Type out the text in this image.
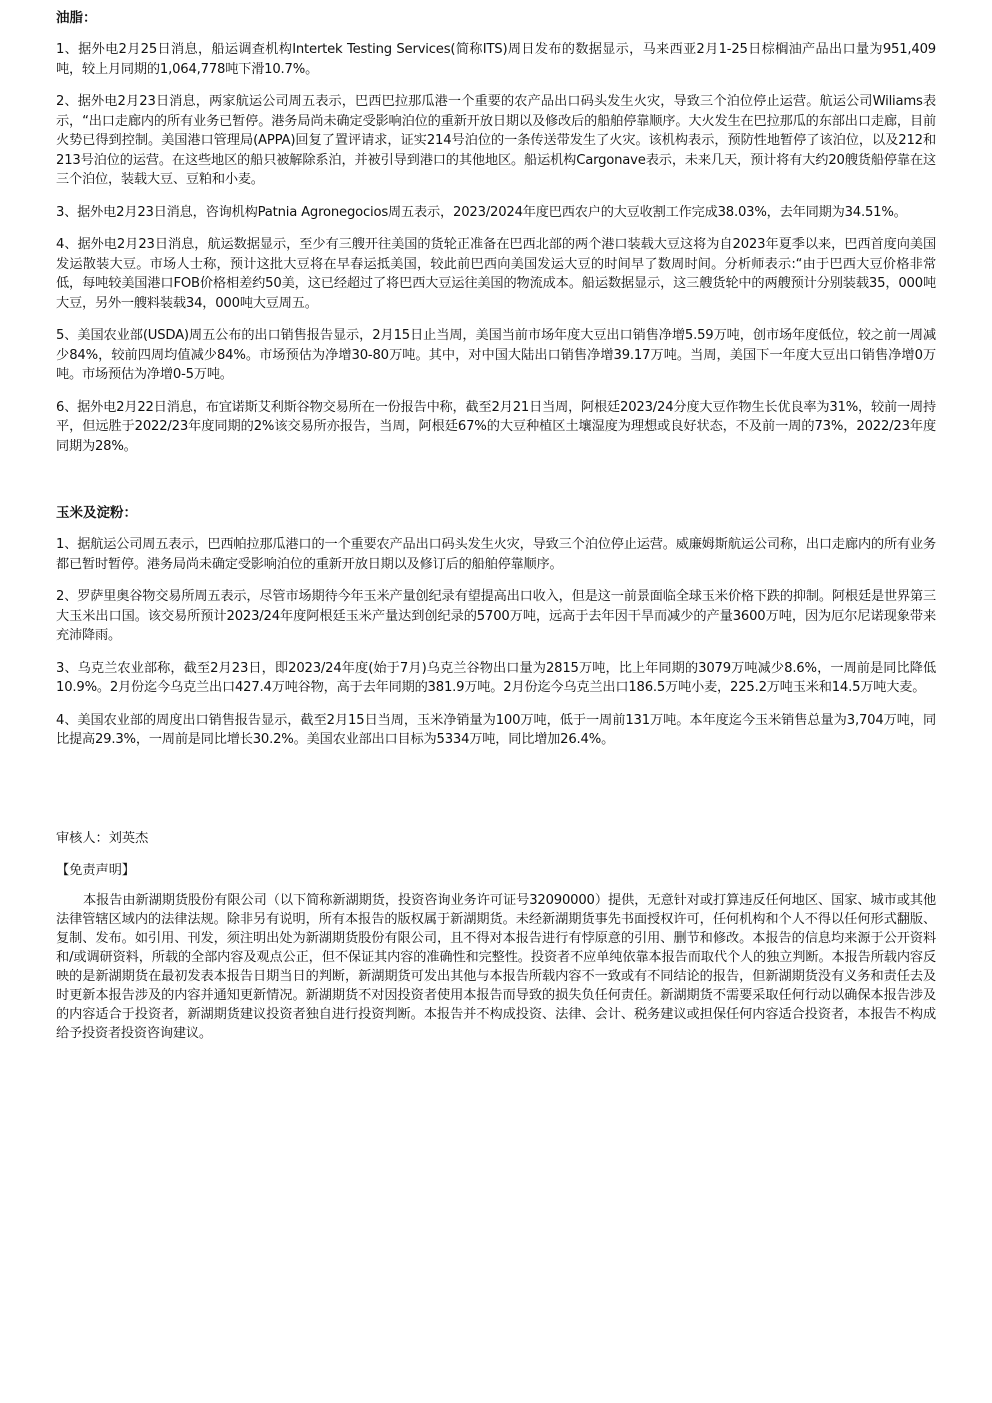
油脂：

1、据外电2月25日消息，船运调查机构Intertek Testing Services(简称ITS)周日发布的数据显示，马来西亚2月1-25日棕榈油产品出口量为951,409吨，较上月同期的1,064,778吨下滑10.7%。

2、据外电2月23日消息，两家航运公司周五表示，巴西巴拉那瓜港一个重要的农产品出口码头发生火灾，导致三个泊位停止运营。航运公司Wiliams表示，“出口走廊内的所有业务已暂停。港务局尚未确定受影响泊位的重新开放日期以及修改后的船舶停靠顺序。大火发生在巴拉那瓜的东部出口走廊，目前火势已得到控制。美国港口管理局(APPA)回复了置评请求，证实214号泊位的一条传送带发生了火灾。该机构表示，预防性地暂停了该泊位，以及212和213号泊位的运营。在这些地区的船只被解除系泊，并被引导到港口的其他地区。船运机构Cargonave表示，未来几天，预计将有大约20艘货船停靠在这三个泊位，装载大豆、豆粕和小麦。

3、据外电2月23日消息，咨询机构Patnia Agronegocios周五表示，2023/2024年度巴西农户的大豆收割工作完成38.03%，去年同期为34.51%。

4、据外电2月23日消息，航运数据显示，至少有三艘开往美国的货轮正准备在巴西北部的两个港口装载大豆这将为自2023年夏季以来，巴西首度向美国发运散装大豆。市场人士称，预计这批大豆将在早春运抵美国，较此前巴西向美国发运大豆的时间早了数周时间。分析师表示:“由于巴西大豆价格非常低，每吨较美国港口FOB价格相差约50美，这已经超过了将巴西大豆运往美国的物流成本。船运数据显示，这三艘货轮中的两艘预计分别装载35，000吨大豆，另外一艘料装载34，000吨大豆周五。

5、美国农业部(USDA)周五公布的出口销售报告显示，2月15日止当周，美国当前市场年度大豆出口销售净增5.59万吨，创市场年度低位，较之前一周减少84%，较前四周均值减少84%。市场预估为净增30-80万吨。其中，对中国大陆出口销售净增39.17万吨。当周，美国下一年度大豆出口销售净增0万吨。市场预估为净增0-5万吨。

6、据外电2月22日消息，布宜诺斯艾利斯谷物交易所在一份报告中称，截至2月21日当周，阿根廷2023/24分度大豆作物生长优良率为31%，较前一周持平，但远胜于2022/23年度同期的2%该交易所亦报告，当周，阿根廷67%的大豆种植区土壤湿度为理想或良好状态，不及前一周的73%，2022/23年度同期为28%。

玉米及淀粉：

1、据航运公司周五表示，巴西帕拉那瓜港口的一个重要农产品出口码头发生火灾，导致三个泊位停止运营。威廉姆斯航运公司称，出口走廊内的所有业务都已暂时暂停。港务局尚未确定受影响泊位的重新开放日期以及修订后的船舶停靠顺序。

2、罗萨里奥谷物交易所周五表示，尽管市场期待今年玉米产量创纪录有望提高出口收入，但是这一前景面临全球玉米价格下跌的抑制。阿根廷是世界第三大玉米出口国。该交易所预计2023/24年度阿根廷玉米产量达到创纪录的5700万吨，远高于去年因干旱而减少的产量3600万吨，因为厄尔尼诺现象带来充沛降雨。

3、乌克兰农业部称，截至2月23日，即2023/24年度(始于7月)乌克兰谷物出口量为2815万吨，比上年同期的3079万吨减少8.6%，一周前是同比降低10.9%。2月份迄今乌克兰出口427.4万吨谷物，高于去年同期的381.9万吨。2月份迄今乌克兰出口186.5万吨小麦，225.2万吨玉米和14.5万吨大麦。

4、美国农业部的周度出口销售报告显示，截至2月15日当周，玉米净销量为100万吨，低于一周前131万吨。本年度迄今玉米销售总量为3,704万吨，同比提高29.3%，一周前是同比增长30.2%。美国农业部出口目标为5334万吨，同比增加26.4%。

审核人：刘英杰
【免责声明】

本报告由新湖期货股份有限公司（以下简称新湖期货，投资咨询业务许可证号32090000）提供，无意针对或打算违反任何地区、国家、城市或其他法律管辖区域内的法律法规。除非另有说明，所有本报告的版权属于新湖期货。未经新湖期货事先书面授权许可，任何机构和个人不得以任何形式翻版、复制、发布。如引用、刊发，须注明出处为新湖期货股份有限公司，且不得对本报告进行有悖原意的引用、删节和修改。本报告的信息均来源于公开资料和/或调研资料，所载的全部内容及观点公正，但不保证其内容的准确性和完整性。投资者不应单纯依靠本报告而取代个人的独立判断。本报告所载内容反映的是新湖期货在最初发表本报告日期当日的判断，新湖期货可发出其他与本报告所载内容不一致或有不同结论的报告，但新湖期货没有义务和责任去及时更新本报告涉及的内容并通知更新情况。新湖期货不对因投资者使用本报告而导致的损失负任何责任。新湖期货不需要采取任何行动以确保本报告涉及的内容适合于投资者，新湖期货建议投资者独自进行投资判断。本报告并不构成投资、法律、会计、税务建议或担保任何内容适合投资者，本报告不构成给予投资者投资咨询建议。
